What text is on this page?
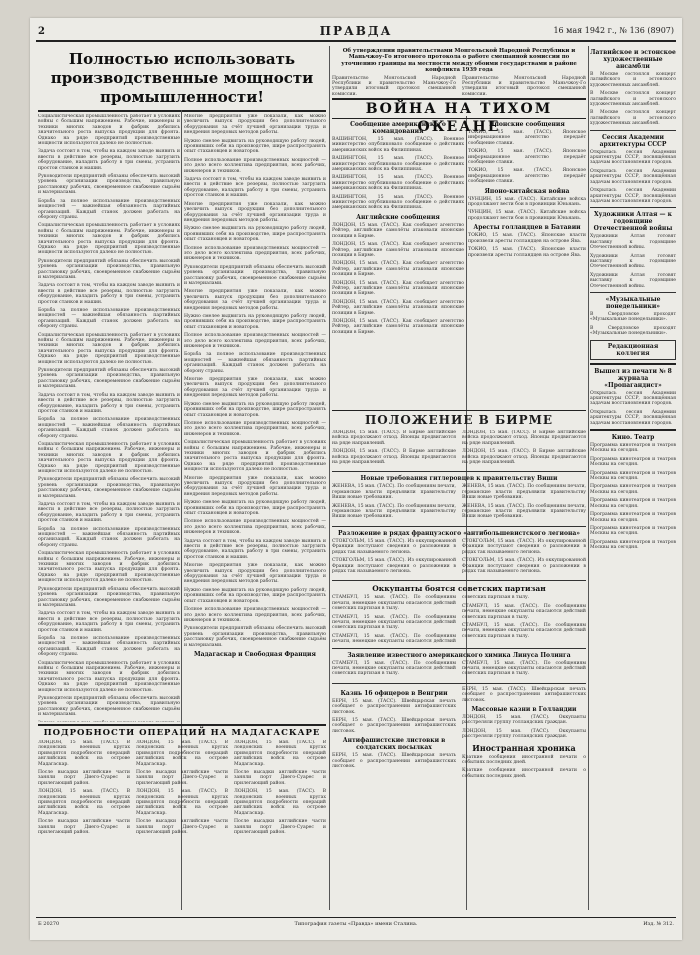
2	ПРАВДА	16 мая 1942 г., № 136 (8907)
Полностью использовать производственные мощности промышленности!

Социалистическая промышленность работает в условиях войны с большим напряжением. Рабочие, инженеры и техники многих заводов и фабрик добились значительного роста выпуска продукции для фронта. Однако на ряде предприятий производственные мощности используются далеко не полностью.

Задача состоит в том, чтобы на каждом заводе выявить и ввести в действие все резервы, полностью загрузить оборудование, наладить работу в три смены, устранить простои станков и машин.

Руководители предприятий обязаны обеспечить высокий уровень организации производства, правильную расстановку рабочих, своевременное снабжение сырьём и материалами.

Борьба за полное использование производственных мощностей — важнейшая обязанность партийных организаций. Каждый станок должен работать на оборону страны.

Социалистическая промышленность работает в условиях войны с большим напряжением. Рабочие, инженеры и техники многих заводов и фабрик добились значительного роста выпуска продукции для фронта. Однако на ряде предприятий производственные мощности используются далеко не полностью.

Руководители предприятий обязаны обеспечить высокий уровень организации производства, правильную расстановку рабочих, своевременное снабжение сырьём и материалами.

Задача состоит в том, чтобы на каждом заводе выявить и ввести в действие все резервы, полностью загрузить оборудование, наладить работу в три смены, устранить простои станков и машин.

Борьба за полное использование производственных мощностей — важнейшая обязанность партийных организаций. Каждый станок должен работать на оборону страны.

Социалистическая промышленность работает в условиях войны с большим напряжением. Рабочие, инженеры и техники многих заводов и фабрик добились значительного роста выпуска продукции для фронта. Однако на ряде предприятий производственные мощности используются далеко не полностью.

Руководители предприятий обязаны обеспечить высокий уровень организации производства, правильную расстановку рабочих, своевременное снабжение сырьём и материалами.

Задача состоит в том, чтобы на каждом заводе выявить и ввести в действие все резервы, полностью загрузить оборудование, наладить работу в три смены, устранить простои станков и машин.

Борьба за полное использование производственных мощностей — важнейшая обязанность партийных организаций. Каждый станок должен работать на оборону страны.

Социалистическая промышленность работает в условиях войны с большим напряжением. Рабочие, инженеры и техники многих заводов и фабрик добились значительного роста выпуска продукции для фронта. Однако на ряде предприятий производственные мощности используются далеко не полностью.

Руководители предприятий обязаны обеспечить высокий уровень организации производства, правильную расстановку рабочих, своевременное снабжение сырьём и материалами.

Задача состоит в том, чтобы на каждом заводе выявить и ввести в действие все резервы, полностью загрузить оборудование, наладить работу в три смены, устранить простои станков и машин.

Борьба за полное использование производственных мощностей — важнейшая обязанность партийных организаций. Каждый станок должен работать на оборону страны.

Социалистическая промышленность работает в условиях войны с большим напряжением. Рабочие, инженеры и техники многих заводов и фабрик добились значительного роста выпуска продукции для фронта. Однако на ряде предприятий производственные мощности используются далеко не полностью.

Руководители предприятий обязаны обеспечить высокий уровень организации производства, правильную расстановку рабочих, своевременное снабжение сырьём и материалами.

Задача состоит в том, чтобы на каждом заводе выявить и ввести в действие все резервы, полностью загрузить оборудование, наладить работу в три смены, устранить простои станков и машин.

Борьба за полное использование производственных мощностей — важнейшая обязанность партийных организаций. Каждый станок должен работать на оборону страны.

Социалистическая промышленность работает в условиях войны с большим напряжением. Рабочие, инженеры и техники многих заводов и фабрик добились значительного роста выпуска продукции для фронта. Однако на ряде предприятий производственные мощности используются далеко не полностью.

Руководители предприятий обязаны обеспечить высокий уровень организации производства, правильную расстановку рабочих, своевременное снабжение сырьём и материалами.

Многие предприятия уже показали, как можно увеличить выпуск продукции без дополнительного оборудования за счёт лучшей организации труда и внедрения передовых методов работы.

Нужно смелее выдвигать на руководящую работу людей, проявивших себя на производстве, шире распространять опыт стахановцев и новаторов.

Полное использование производственных мощностей — это дело всего коллектива предприятия, всех рабочих, инженеров и техников.

Задача состоит в том, чтобы на каждом заводе выявить и ввести в действие все резервы, полностью загрузить оборудование, наладить работу в три смены, устранить простои станков и машин.

Многие предприятия уже показали, как можно увеличить выпуск продукции без дополнительного оборудования за счёт лучшей организации труда и внедрения передовых методов работы.

Нужно смелее выдвигать на руководящую работу людей, проявивших себя на производстве, шире распространять опыт стахановцев и новаторов.

Полное использование производственных мощностей — это дело всего коллектива предприятия, всех рабочих, инженеров и техников.

Руководители предприятий обязаны обеспечить высокий уровень организации производства, правильную расстановку рабочих, своевременное снабжение сырьём и материалами.

Многие предприятия уже показали, как можно увеличить выпуск продукции без дополнительного оборудования за счёт лучшей организации труда и внедрения передовых методов работы.

Нужно смелее выдвигать на руководящую работу людей, проявивших себя на производстве, шире распространять опыт стахановцев и новаторов.

Полное использование производственных мощностей — это дело всего коллектива предприятия, всех рабочих, инженеров и техников.

Борьба за полное использование производственных мощностей — важнейшая обязанность партийных организаций. Каждый станок должен работать на оборону страны.

Многие предприятия уже показали, как можно увеличить выпуск продукции без дополнительного оборудования за счёт лучшей организации труда и внедрения передовых методов работы.

Нужно смелее выдвигать на руководящую работу людей, проявивших себя на производстве, шире распространять опыт стахановцев и новаторов.

Полное использование производственных мощностей — это дело всего коллектива предприятия, всех рабочих, инженеров и техников.

Социалистическая промышленность работает в условиях войны с большим напряжением. Рабочие, инженеры и техники многих заводов и фабрик добились значительного роста выпуска продукции для фронта. Однако на ряде предприятий производственные мощности используются далеко не полностью.

Многие предприятия уже показали, как можно увеличить выпуск продукции без дополнительного оборудования за счёт лучшей организации труда и внедрения передовых методов работы.

Нужно смелее выдвигать на руководящую работу людей, проявивших себя на производстве, шире распространять опыт стахановцев и новаторов.

Полное использование производственных мощностей — это дело всего коллектива предприятия, всех рабочих, инженеров и техников.

Задача состоит в том, чтобы на каждом заводе выявить и ввести в действие все резервы, полностью загрузить оборудование, наладить работу в три смены, устранить простои станков и машин.

Многие предприятия уже показали, как можно увеличить выпуск продукции без дополнительного оборудования за счёт лучшей организации труда и внедрения передовых методов работы.

Нужно смелее выдвигать на руководящую работу людей, проявивших себя на производстве, шире распространять опыт стахановцев и новаторов.

Полное использование производственных мощностей — это дело всего коллектива предприятия, всех рабочих, инженеров и техников.

Руководители предприятий обязаны обеспечить высокий уровень организации производства, правильную расстановку рабочих, своевременное снабжение сырьём и материалами.

Мадагаскар и Свободная Франция
ПОДРОБНОСТИ ОПЕРАЦИЙ НА МАДАГАСКАРЕ

ЛОНДОН, 15 мая. (ТАСС). В лондонских военных кругах приводятся подробности операций английских войск на острове Мадагаскар.

После высадки английские части заняли порт Диего-Суарес и прилегающий район.

ЛОНДОН, 15 мая. (ТАСС). В лондонских военных кругах приводятся подробности операций английских войск на острове Мадагаскар.

После высадки английские части заняли порт Диего-Суарес и прилегающий район.

ЛОНДОН, 15 мая. (ТАСС). В лондонских военных кругах приводятся подробности операций английских войск на острове Мадагаскар.

После высадки английские части заняли порт Диего-Суарес и прилегающий район.

ЛОНДОН, 15 мая. (ТАСС). В лондонских военных кругах приводятся подробности операций английских войск на острове Мадагаскар.

После высадки английские части заняли порт Диего-Суарес и прилегающий район.

ЛОНДОН, 15 мая. (ТАСС). В лондонских военных кругах приводятся подробности операций английских войск на острове Мадагаскар.

После высадки английские части заняли порт Диего-Суарес и прилегающий район.

ЛОНДОН, 15 мая. (ТАСС). В лондонских военных кругах приводятся подробности операций английских войск на острове Мадагаскар.

После высадки английские части заняли порт Диего-Суарес и прилегающий район.

Об утверждении правительствами Монгольской Народной Республики и Маньчжоу-Го итогового протокола о работе смешанной комиссии по уточнению границы на местности между обоими государствами в районе конфликта 1939 года

Правительство Монгольской Народной Республики и правительство Маньчжоу-Го утвердили итоговый протокол смешанной комиссии.

Правительство Монгольской Народной Республики и правительство Маньчжоу-Го утвердили итоговый протокол смешанной комиссии.

ВОЙНА НА ТИХОМ ОКЕАНЕ
Сообщение американского командования

ВАШИНГТОН, 15 мая. (ТАСС). Военное министерство опубликовало сообщение о действиях американских войск на Филиппинах.

ВАШИНГТОН, 15 мая. (ТАСС). Военное министерство опубликовало сообщение о действиях американских войск на Филиппинах.

ВАШИНГТОН, 15 мая. (ТАСС). Военное министерство опубликовало сообщение о действиях американских войск на Филиппинах.

ВАШИНГТОН, 15 мая. (ТАСС). Военное министерство опубликовало сообщение о действиях американских войск на Филиппинах.

Английские сообщения

ЛОНДОН, 15 мая. (ТАСС). Как сообщает агентство Рейтер, английские самолёты атаковали японские позиции в Бирме.

ЛОНДОН, 15 мая. (ТАСС). Как сообщает агентство Рейтер, английские самолёты атаковали японские позиции в Бирме.

ЛОНДОН, 15 мая. (ТАСС). Как сообщает агентство Рейтер, английские самолёты атаковали японские позиции в Бирме.

ЛОНДОН, 15 мая. (ТАСС). Как сообщает агентство Рейтер, английские самолёты атаковали японские позиции в Бирме.

ЛОНДОН, 15 мая. (ТАСС). Как сообщает агентство Рейтер, английские самолёты атаковали японские позиции в Бирме.

ЛОНДОН, 15 мая. (ТАСС). Как сообщает агентство Рейтер, английские самолёты атаковали японские позиции в Бирме.

Японские сообщения

ТОКИО, 15 мая. (ТАСС). Японское информационное агентство передаёт сообщение ставки.

ТОКИО, 15 мая. (ТАСС). Японское информационное агентство передаёт сообщение ставки.

ТОКИО, 15 мая. (ТАСС). Японское информационное агентство передаёт сообщение ставки.

Японо-китайская война

ЧУНЦИН, 15 мая. (ТАСС). Китайские войска продолжают вести бои в провинции Юньнань.

ЧУНЦИН, 15 мая. (ТАСС). Китайские войска продолжают вести бои в провинции Юньнань.

Аресты голландцев в Батавии

ТОКИО, 15 мая. (ТАСС). Японские власти произвели аресты голландцев на острове Ява.

ТОКИО, 15 мая. (ТАСС). Японские власти произвели аресты голландцев на острове Ява.

ПОЛОЖЕНИЕ В БИРМЕ

ЛОНДОН, 15 мая. (ТАСС). В Бирме английские войска продолжают отход. Японцы продвигаются на ряде направлений.

ЛОНДОН, 15 мая. (ТАСС). В Бирме английские войска продолжают отход. Японцы продвигаются на ряде направлений.

ЛОНДОН, 15 мая. (ТАСС). В Бирме английские войска продолжают отход. Японцы продвигаются на ряде направлений.

ЛОНДОН, 15 мая. (ТАСС). В Бирме английские войска продолжают отход. Японцы продвигаются на ряде направлений.

Новые требования гитлеровцев к правительству Виши

ЖЕНЕВА, 15 мая. (ТАСС). По сообщениям печати, германские власти предъявили правительству Виши новые требования.

ЖЕНЕВА, 15 мая. (ТАСС). По сообщениям печати, германские власти предъявили правительству Виши новые требования.

ЖЕНЕВА, 15 мая. (ТАСС). По сообщениям печати, германские власти предъявили правительству Виши новые требования.

ЖЕНЕВА, 15 мая. (ТАСС). По сообщениям печати, германские власти предъявили правительству Виши новые требования.

Разложение в рядах французского «антибольшевистского легиона»

СТОКГОЛЬМ, 15 мая. (ТАСС). Из оккупированной Франции поступают сведения о разложении в рядах так называемого легиона.

СТОКГОЛЬМ, 15 мая. (ТАСС). Из оккупированной Франции поступают сведения о разложении в рядах так называемого легиона.

СТОКГОЛЬМ, 15 мая. (ТАСС). Из оккупированной Франции поступают сведения о разложении в рядах так называемого легиона.

СТОКГОЛЬМ, 15 мая. (ТАСС). Из оккупированной Франции поступают сведения о разложении в рядах так называемого легиона.

Оккупанты боятся советских партизан

СТАМБУЛ, 15 мая. (ТАСС). По сообщениям печати, немецкие оккупанты опасаются действий советских партизан в тылу.

СТАМБУЛ, 15 мая. (ТАСС). По сообщениям печати, немецкие оккупанты опасаются действий советских партизан в тылу.

СТАМБУЛ, 15 мая. (ТАСС). По сообщениям печати, немецкие оккупанты опасаются действий советских партизан в тылу.

СТАМБУЛ, 15 мая. (ТАСС). По сообщениям печати, немецкие оккупанты опасаются действий советских партизан в тылу.

СТАМБУЛ, 15 мая. (ТАСС). По сообщениям печати, немецкие оккупанты опасаются действий советских партизан в тылу.

Заявление известного американского химика Линуса Полинга

СТАМБУЛ, 15 мая. (ТАСС). По сообщениям печати, немецкие оккупанты опасаются действий советских партизан в тылу.

СТАМБУЛ, 15 мая. (ТАСС). По сообщениям печати, немецкие оккупанты опасаются действий советских партизан в тылу.

Казнь 16 офицеров в Венгрии

БЕРН, 15 мая. (ТАСС). Швейцарская печать сообщает о распространении антифашистских листовок.

БЕРН, 15 мая. (ТАСС). Швейцарская печать сообщает о распространении антифашистских листовок.

Антифашистские листовки в солдатских посылках

БЕРН, 15 мая. (ТАСС). Швейцарская печать сообщает о распространении антифашистских листовок.

БЕРН, 15 мая. (ТАСС). Швейцарская печать сообщает о распространении антифашистских листовок.

Массовые казни в Голландии

ЛОНДОН, 15 мая. (ТАСС). Оккупанты расстреляли группу голландских граждан.

ЛОНДОН, 15 мая. (ТАСС). Оккупанты расстреляли группу голландских граждан.

Иностранная хроника

Краткие сообщения иностранной печати о событиях последних дней.

Краткие сообщения иностранной печати о событиях последних дней.

Латвийское и эстонское художественные ансамбли

В Москве состоялся концерт латвийского и эстонского художественных ансамблей.

В Москве состоялся концерт латвийского и эстонского художественных ансамблей.

В Москве состоялся концерт латвийского и эстонского художественных ансамблей.

Сессия Академии архитектуры СССР

Открылась сессия Академии архитектуры СССР, посвящённая задачам восстановления городов.

Открылась сессия Академии архитектуры СССР, посвящённая задачам восстановления городов.

Открылась сессия Академии архитектуры СССР, посвящённая задачам восстановления городов.

Художники Алтая — к годовщине Отечественной войны

Художники Алтая готовят выставку к годовщине Отечественной войны.

Художники Алтая готовят выставку к годовщине Отечественной войны.

Художники Алтая готовят выставку к годовщине Отечественной войны.

«Музыкальные понедельники»

В Свердловске проходят «Музыкальные понедельники».

В Свердловске проходят «Музыкальные понедельники».

Редакционная коллегия
Вышел из печати № 8 журнала «Пропагандист»

Открылась сессия Академии архитектуры СССР, посвящённая задачам восстановления городов.

Открылась сессия Академии архитектуры СССР, посвящённая задачам восстановления городов.

Кино. Театр

Программа кинотеатров и театров Москвы на сегодня.

Программа кинотеатров и театров Москвы на сегодня.

Программа кинотеатров и театров Москвы на сегодня.

Программа кинотеатров и театров Москвы на сегодня.

Программа кинотеатров и театров Москвы на сегодня.

Программа кинотеатров и театров Москвы на сегодня.

Программа кинотеатров и театров Москвы на сегодня.

Программа кинотеатров и театров Москвы на сегодня.

Б 20270	Типография газеты «Правда» имени Сталина.	Изд. № 312.
